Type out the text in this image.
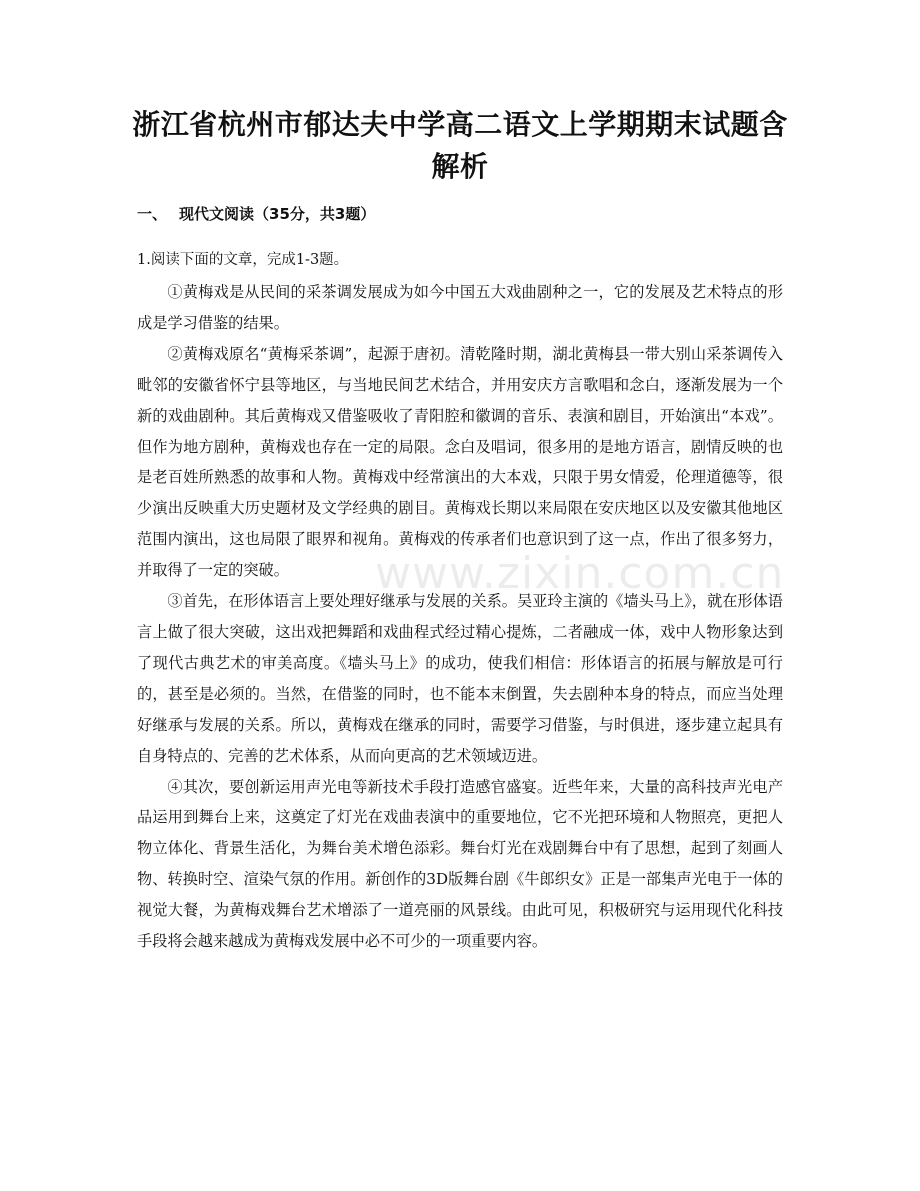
浙江省杭州市郁达夫中学高二语文上学期期末试题含解析
一、 现代文阅读（35分，共3题）
1.阅读下面的文章，完成1-3题。

①黄梅戏是从民间的采茶调发展成为如今中国五大戏曲剧种之一，它的发展及艺术特点的形成是学习借鉴的结果。

②黄梅戏原名“黄梅采茶调”，起源于唐初。清乾隆时期，湖北黄梅县一带大别山采茶调传入毗邻的安徽省怀宁县等地区，与当地民间艺术结合，并用安庆方言歌唱和念白，逐渐发展为一个新的戏曲剧种。其后黄梅戏又借鉴吸收了青阳腔和徽调的音乐、表演和剧目，开始演出“本戏”。但作为地方剧种，黄梅戏也存在一定的局限。念白及唱词，很多用的是地方语言，剧情反映的也是老百姓所熟悉的故事和人物。黄梅戏中经常演出的大本戏，只限于男女情爱，伦理道德等，很少演出反映重大历史题材及文学经典的剧目。黄梅戏长期以来局限在安庆地区以及安徽其他地区范围内演出，这也局限了眼界和视角。黄梅戏的传承者们也意识到了这一点，作出了很多努力，并取得了一定的突破。

③首先，在形体语言上要处理好继承与发展的关系。吴亚玲主演的《墙头马上》，就在形体语言上做了很大突破，这出戏把舞蹈和戏曲程式经过精心提炼，二者融成一体，戏中人物形象达到了现代古典艺术的审美高度。《墙头马上》的成功，使我们相信：形体语言的拓展与解放是可行的，甚至是必须的。当然，在借鉴的同时，也不能本末倒置，失去剧种本身的特点，而应当处理好继承与发展的关系。所以，黄梅戏在继承的同时，需要学习借鉴，与时俱进，逐步建立起具有自身特点的、完善的艺术体系，从而向更高的艺术领域迈进。

④其次，要创新运用声光电等新技术手段打造感官盛宴。近些年来，大量的高科技声光电产品运用到舞台上来，这奠定了灯光在戏曲表演中的重要地位，它不光把环境和人物照亮，更把人物立体化、背景生活化，为舞台美术增色添彩。舞台灯光在戏剧舞台中有了思想，起到了刻画人物、转换时空、渲染气氛的作用。新创作的3D版舞台剧《牛郎织女》正是一部集声光电于一体的视觉大餐，为黄梅戏舞台艺术增添了一道亮丽的风景线。由此可见，积极研究与运用现代化科技手段将会越来越成为黄梅戏发展中必不可少的一项重要内容。

www.zixin.com.cn
